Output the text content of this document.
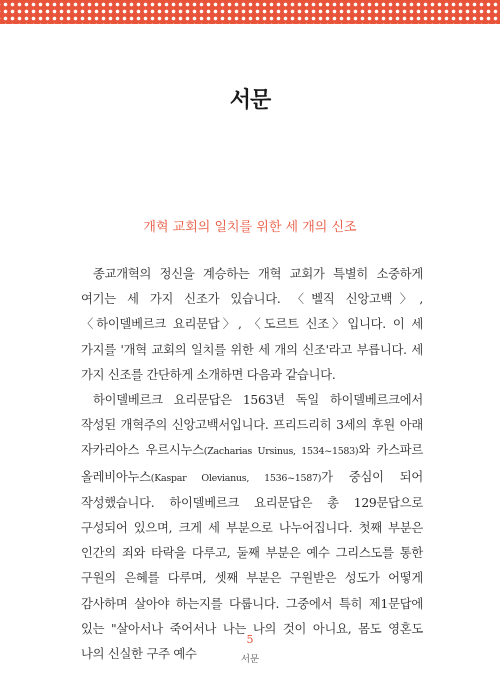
서문
개혁 교회의 일치를 위한 세 개의 신조

종교개혁의 정신을 계승하는 개혁 교회가 특별히 소중하게 여기는 세 가지 신조가 있습니다. 〈벨직 신앙고백〉, 〈하이델베르크 요리문답〉, 〈도르트 신조〉입니다. 이 세 가지를 '개혁 교회의 일치를 위한 세 개의 신조'라고 부릅니다. 세 가지 신조를 간단하게 소개하면 다음과 같습니다.

하이델베르크 요리문답은 1563년 독일 하이델베르크에서 작성된 개혁주의 신앙고백서입니다. 프리드리히 3세의 후원 아래 자카리아스 우르시누스(Zacharias Ursinus, 1534~1583)와 카스파르 올레비아누스(Kaspar Olevianus, 1536~1587)가 중심이 되어 작성했습니다. 하이델베르크 요리문답은 총 129문답으로 구성되어 있으며, 크게 세 부분으로 나누어집니다. 첫째 부분은 인간의 죄와 타락을 다루고, 둘째 부분은 예수 그리스도를 통한 구원의 은혜를 다루며, 셋째 부분은 구원받은 성도가 어떻게 감사하며 살아야 하는지를 다룹니다. 그중에서 특히 제1문답에 있는 "살아서나 죽어서나 나는 나의 것이 아니요, 몸도 영혼도 나의 신실한 구주 예수

5
서문
